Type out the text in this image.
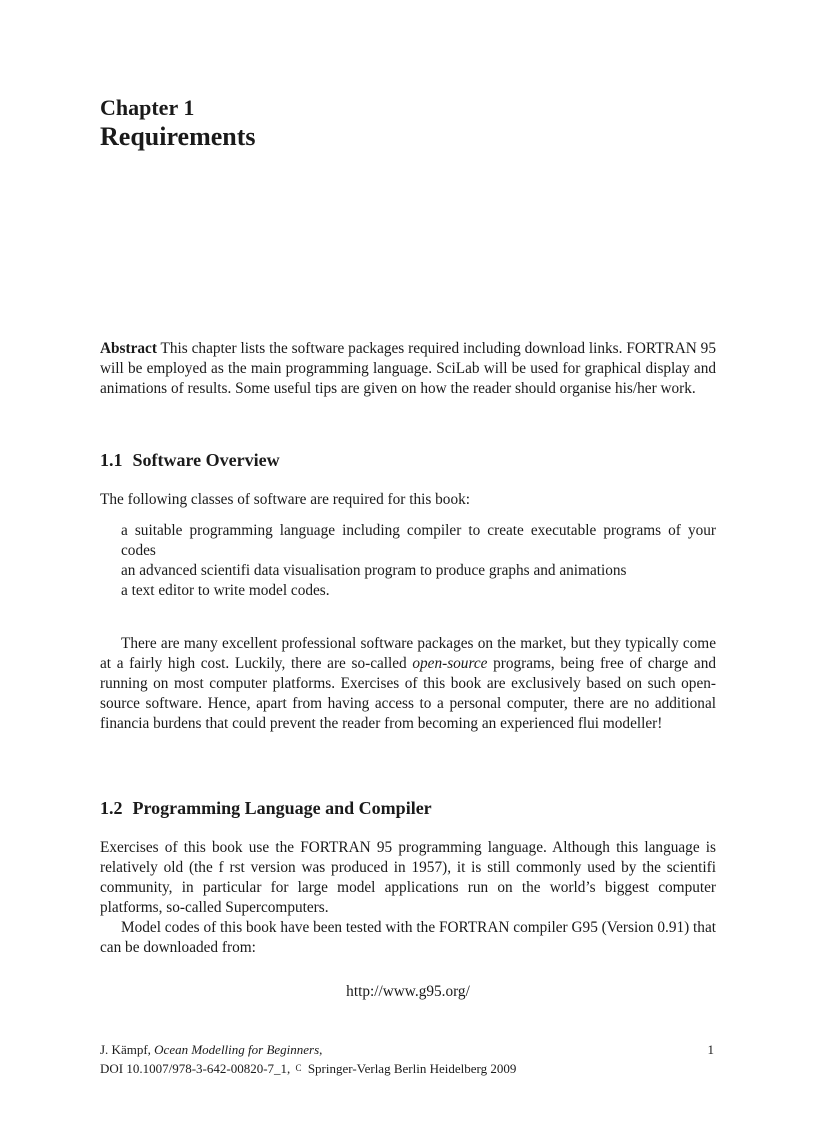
Chapter 1
Requirements
Abstract This chapter lists the software packages required including download links. FORTRAN 95 will be employed as the main programming language. SciLab will be used for graphical display and animations of results. Some useful tips are given on how the reader should organise his/her work.
1.1 Software Overview
The following classes of software are required for this book:
a suitable programming language including compiler to create executable programs of your codes
an advanced scientifi data visualisation program to produce graphs and animations
a text editor to write model codes.
There are many excellent professional software packages on the market, but they typically come at a fairly high cost. Luckily, there are so-called open-source programs, being free of charge and running on most computer platforms. Exercises of this book are exclusively based on such open-source software. Hence, apart from having access to a personal computer, there are no additional financia burdens that could prevent the reader from becoming an experienced flui modeller!
1.2 Programming Language and Compiler
Exercises of this book use the FORTRAN 95 programming language. Although this language is relatively old (the f rst version was produced in 1957), it is still commonly used by the scientifi community, in particular for large model applications run on the world’s biggest computer platforms, so-called Supercomputers.
Model codes of this book have been tested with the FORTRAN compiler G95 (Version 0.91) that can be downloaded from:
http://www.g95.org/
J. Kämpf, Ocean Modelling for Beginners,
DOI 10.1007/978-3-642-00820-7_1, C Springer-Verlag Berlin Heidelberg 2009
1
